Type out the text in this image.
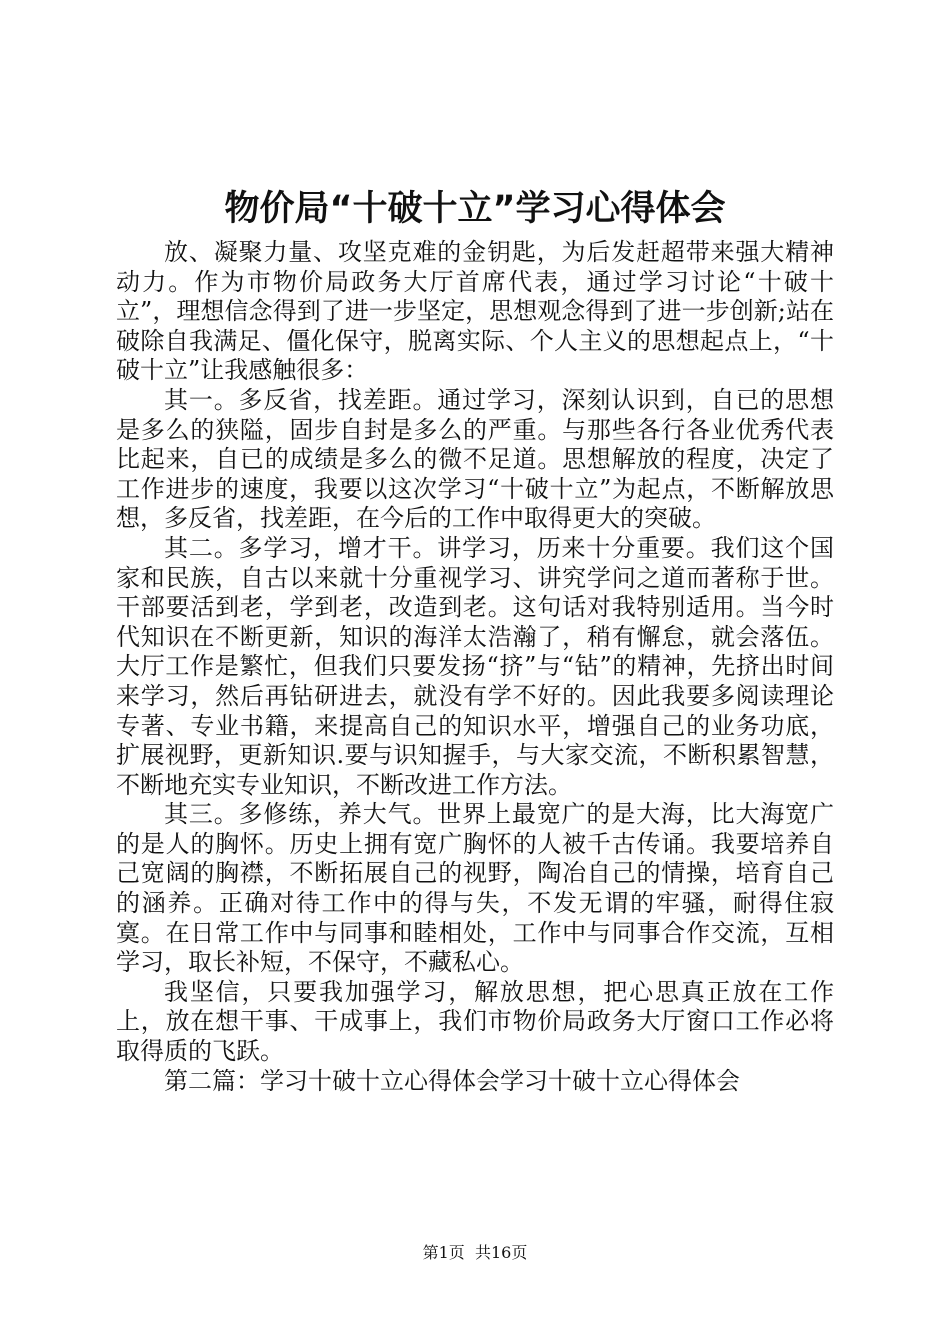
物价局“十破十立”学习心得体会

放、凝聚力量、攻坚克难的金钥匙，为后发赶超带来强大精神动力。作为市物价局政务大厅首席代表，通过学习讨论“十破十立”，理想信念得到了进一步坚定，思想观念得到了进一步创新;站在破除自我满足、僵化保守，脱离实际、个人主义的思想起点上，“十破十立”让我感触很多：

其一。多反省，找差距。通过学习，深刻认识到，自已的思想是多么的狭隘，固步自封是多么的严重。与那些各行各业优秀代表比起来，自已的成绩是多么的微不足道。思想解放的程度，决定了工作进步的速度，我要以这次学习“十破十立”为起点，不断解放思想，多反省，找差距，在今后的工作中取得更大的突破。

其二。多学习，增才干。讲学习，历来十分重要。我们这个国家和民族，自古以来就十分重视学习、讲究学问之道而著称于世。干部要活到老，学到老，改造到老。这句话对我特别适用。当今时代知识在不断更新，知识的海洋太浩瀚了，稍有懈怠，就会落伍。大厅工作是繁忙，但我们只要发扬“挤”与“钻”的精神，先挤出时间来学习，然后再钻研进去，就没有学不好的。因此我要多阅读理论专著、专业书籍，来提高自己的知识水平，增强自己的业务功底，扩展视野，更新知识.要与识知握手，与大家交流，不断积累智慧，不断地充实专业知识，不断改进工作方法。

其三。多修练，养大气。世界上最宽广的是大海，比大海宽广的是人的胸怀。历史上拥有宽广胸怀的人被千古传诵。我要培养自己宽阔的胸襟，不断拓展自己的视野，陶冶自己的情操，培育自己的涵养。正确对待工作中的得与失，不发无谓的牢骚，耐得住寂寞。在日常工作中与同事和睦相处，工作中与同事合作交流，互相学习，取长补短，不保守，不藏私心。

我坚信，只要我加强学习，解放思想，把心思真正放在工作上，放在想干事、干成事上，我们市物价局政务大厅窗口工作必将取得质的飞跃。

第二篇：学习十破十立心得体会学习十破十立心得体会

第1页 共16页
